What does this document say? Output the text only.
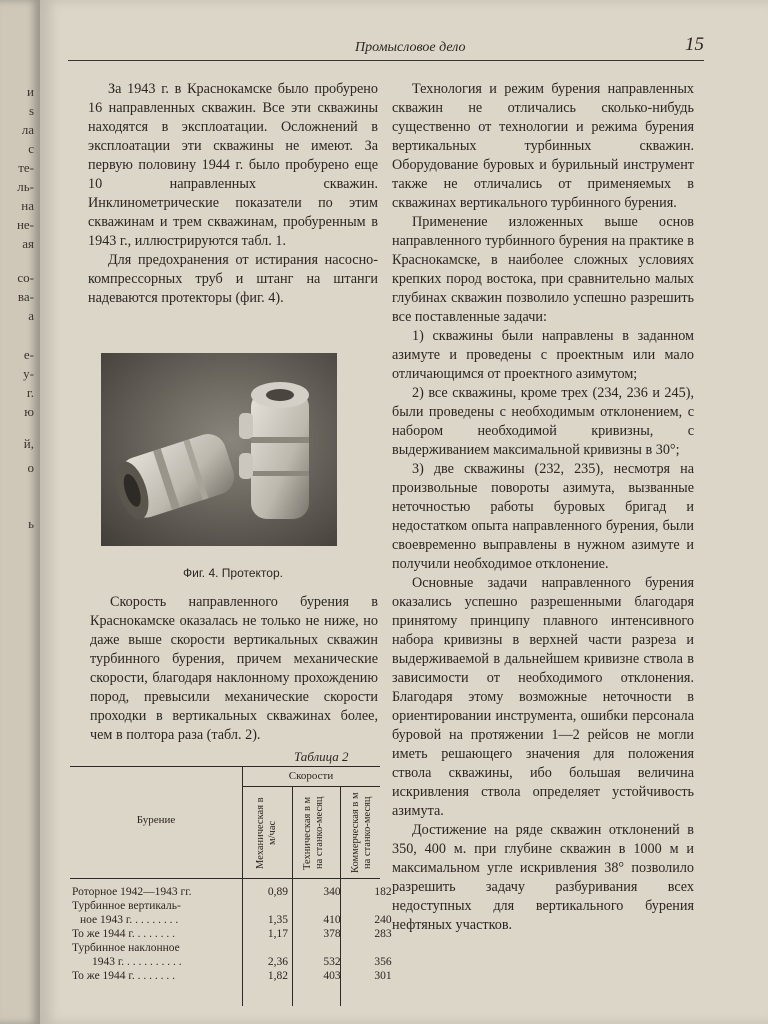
и
s
ла
с
те-
ль-
на
не-
ая
со-
ва-
а
е-
у-
г.
ю
й,
о
ь
Промысловое дело	15

За 1943 г. в Краснокамске было пробурено 16 направленных скважин. Все эти скважины находятся в эксплоатации. Осложнений в эксплоатации эти скважины не имеют. За первую половину 1944 г. было пробурено еще 10 направленных скважин. Инклинометрические показатели по этим скважинам и трем скважинам, пробуренным в 1943 г., иллюстрируются табл. 1.

Для предохранения от истирания насосно-компрессорных труб и штанг на штанги надеваются протекторы (фиг. 4).

Фиг. 4. Протектор.

Скорость направленного бурения в Краснокамске оказалась не только не ниже, но даже выше скорости вертикальных скважин турбинного бурения, причем механические скорости, благодаря наклонному прохождению пород, превысили механические скорости проходки в вертикальных скважинах более, чем в полтора раза (табл. 2).

Таблица 2
Скорости
Бурение	Механическая в м/час Техническая в м на станко-месяц	Коммерческая в м на станко-месяц
Роторное 1942—1943 гг.	0,89	340	182
Турбинное вертикаль-
ное 1943 г. . . . . . . . .	1,35	410	240
То же 1944 г. . . . . . . .	1,17	378	283
Турбинное наклонное
1943 г. . . . . . . . . . .	2,36	532	356
То же 1944 г. . . . . . . .	1,82	403	301

Технология и режим бурения направленных скважин не отличались сколько-нибудь существенно от технологии и режима бурения вертикальных турбинных скважин. Оборудование буровых и бурильный инструмент также не отличались от применяемых в скважинах вертикального турбинного бурения.

Применение изложенных выше основ направленного турбинного бурения на практике в Краснокамске, в наиболее сложных условиях крепких пород востока, при сравнительно малых глубинах скважин позволило успешно разрешить все поставленные задачи:

1) скважины были направлены в заданном азимуте и проведены с проектным или мало отличающимся от проектного азимутом;

2) все скважины, кроме трех (234, 236 и 245), были проведены с необходимым отклонением, с набором необходимой кривизны, с выдерживанием максимальной кривизны в 30°;

3) две скважины (232, 235), несмотря на произвольные повороты азимута, вызванные неточностью работы буровых бригад и недостатком опыта направленного бурения, были своевременно выправлены в нужном азимуте и получили необходимое отклонение.

Основные задачи направленного бурения оказались успешно разрешенными благодаря принятому принципу плавного интенсивного набора кривизны в верхней части разреза и выдерживаемой в дальнейшем кривизне ствола в зависимости от необходимого отклонения. Благодаря этому возможные неточности в ориентировании инструмента, ошибки персонала буровой на протяжении 1—2 рейсов не могли иметь решающего значения для положения ствола скважины, ибо большая величина искривления ствола определяет устойчивость азимута.

Достижение на ряде скважин отклонений в 350, 400 м. при глубине скважин в 1000 м и максимальном угле искривления 38° позволило разрешить задачу разбуривания всех недоступных для вертикального бурения нефтяных участков.
